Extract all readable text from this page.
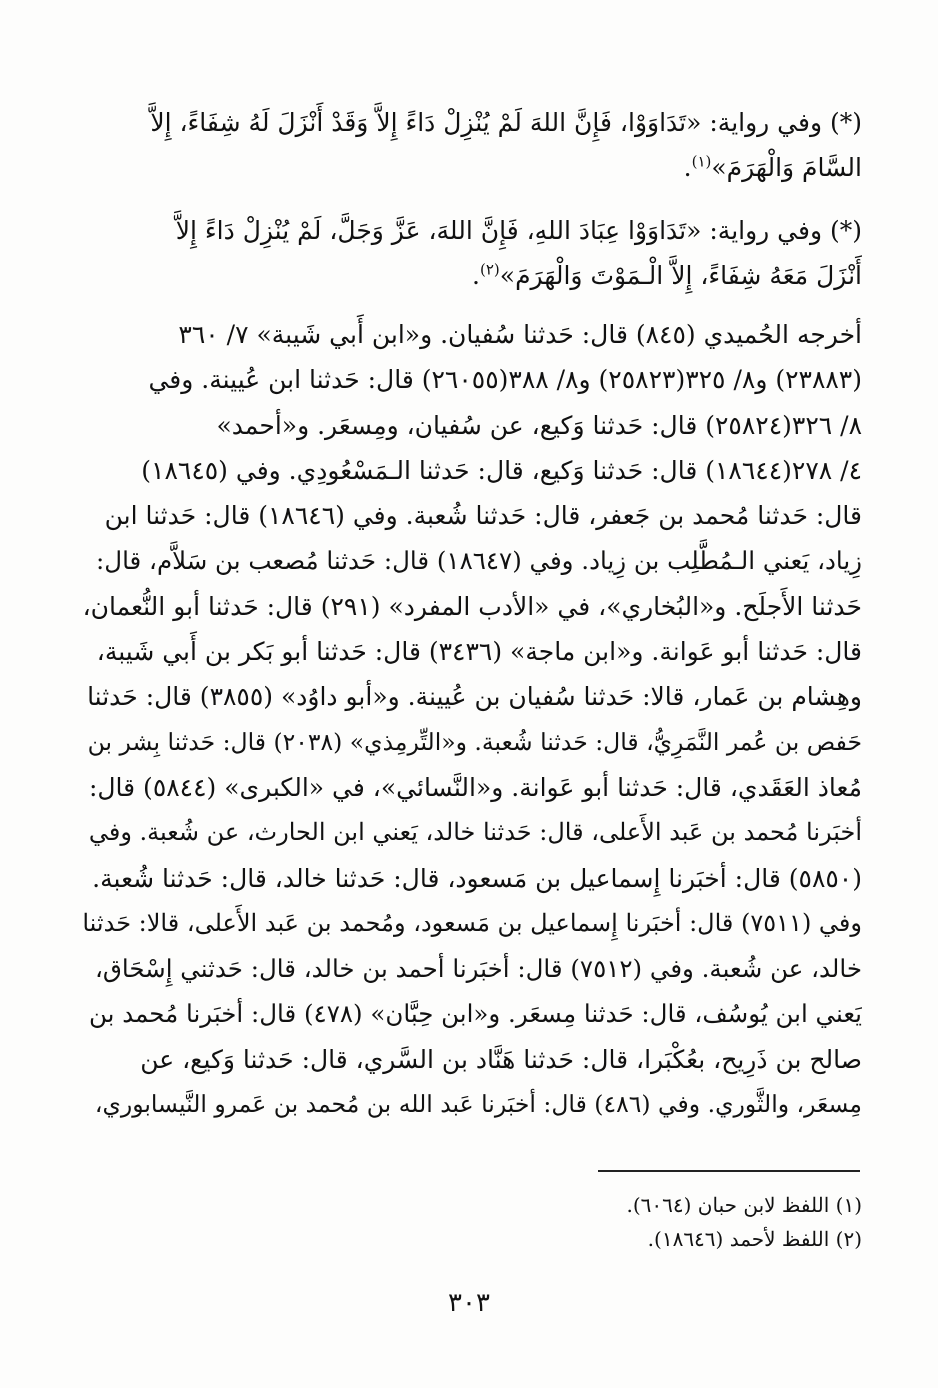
(*) وفي رواية: «تَدَاوَوْا، فَإِنَّ اللهَ لَمْ يُنْزِلْ دَاءً إِلاَّ وَقَدْ أَنْزَلَ لَهُ شِفَاءً، إِلاَّ
السَّامَ وَالْهَرَمَ»$^{(١)}$.
(*) وفي رواية: «تَدَاوَوْا عِبَادَ اللهِ، فَإِنَّ اللهَ، عَزَّ وَجَلَّ، لَمْ يُنْزِلْ دَاءً إِلاَّ
أَنْزَلَ مَعَهُ شِفَاءً، إِلاَّ الْـمَوْتَ وَالْهَرَمَ»$^{(٢)}$.
أخرجه الحُميدي (٨٤٥) قال: حَدثنا سُفيان. و«ابن أَبي شَيبة» ٧/ ٣٦٠
(٢٣٨٨٣) و٨/ ٣٢٥(٢٥٨٢٣) و٨/ ٣٨٨(٢٦٠٥٥) قال: حَدثنا ابن عُيينة. وفي
٨/ ٣٢٦(٢٥٨٢٤) قال: حَدثنا وَكيع، عن سُفيان، ومِسعَر. و«أحمد»
٤/ ٢٧٨(١٨٦٤٤) قال: حَدثنا وَكيع، قال: حَدثنا الـمَسْعُودِي. وفي (١٨٦٤٥)
قال: حَدثنا مُحمد بن جَعفر، قال: حَدثنا شُعبة. وفي (١٨٦٤٦) قال: حَدثنا ابن
زِياد، يَعني الـمُطَّلِب بن زِياد. وفي (١٨٦٤٧) قال: حَدثنا مُصعب بن سَلاَّم، قال:
حَدثنا الأَجلَح. و«البُخاري»، في «الأدب المفرد» (٢٩١) قال: حَدثنا أبو النُّعمان،
قال: حَدثنا أبو عَوانة. و«ابن ماجة» (٣٤٣٦) قال: حَدثنا أبو بَكر بن أَبي شَيبة،
وهِشام بن عَمار، قالا: حَدثنا سُفيان بن عُيينة. و«أبو داوُد» (٣٨٥٥) قال: حَدثنا
حَفص بن عُمر النَّمَرِيُّ، قال: حَدثنا شُعبة. و«التِّرمِذي» (٢٠٣٨) قال: حَدثنا بِشر بن
مُعاذ العَقَدي، قال: حَدثنا أبو عَوانة. و«النَّسائي»، في «الكبرى» (٥٨٤٤) قال:
أخبَرنا مُحمد بن عَبد الأَعلى، قال: حَدثنا خالد، يَعني ابن الحارث، عن شُعبة. وفي
(٥٨٥٠) قال: أخبَرنا إِسماعيل بن مَسعود، قال: حَدثنا خالد، قال: حَدثنا شُعبة.
وفي (٧٥١١) قال: أخبَرنا إِسماعيل بن مَسعود، ومُحمد بن عَبد الأَعلى، قالا: حَدثنا
خالد، عن شُعبة. وفي (٧٥١٢) قال: أخبَرنا أحمد بن خالد، قال: حَدثني إِسْحَاق،
يَعني ابن يُوسُف، قال: حَدثنا مِسعَر. و«ابن حِبَّان» (٤٧٨) قال: أخبَرنا مُحمد بن
صالح بن ذَرِيح، بعُكْبَرا، قال: حَدثنا هَنَّاد بن السَّري، قال: حَدثنا وَكيع، عن
مِسعَر، والثَّوري. وفي (٤٨٦) قال: أخبَرنا عَبد الله بن مُحمد بن عَمرو النَّيسابوري،
(١) اللفظ لابن حبان (٦٠٦٤).
(٢) اللفظ لأحمد (١٨٦٤٦).
٣٠٣
